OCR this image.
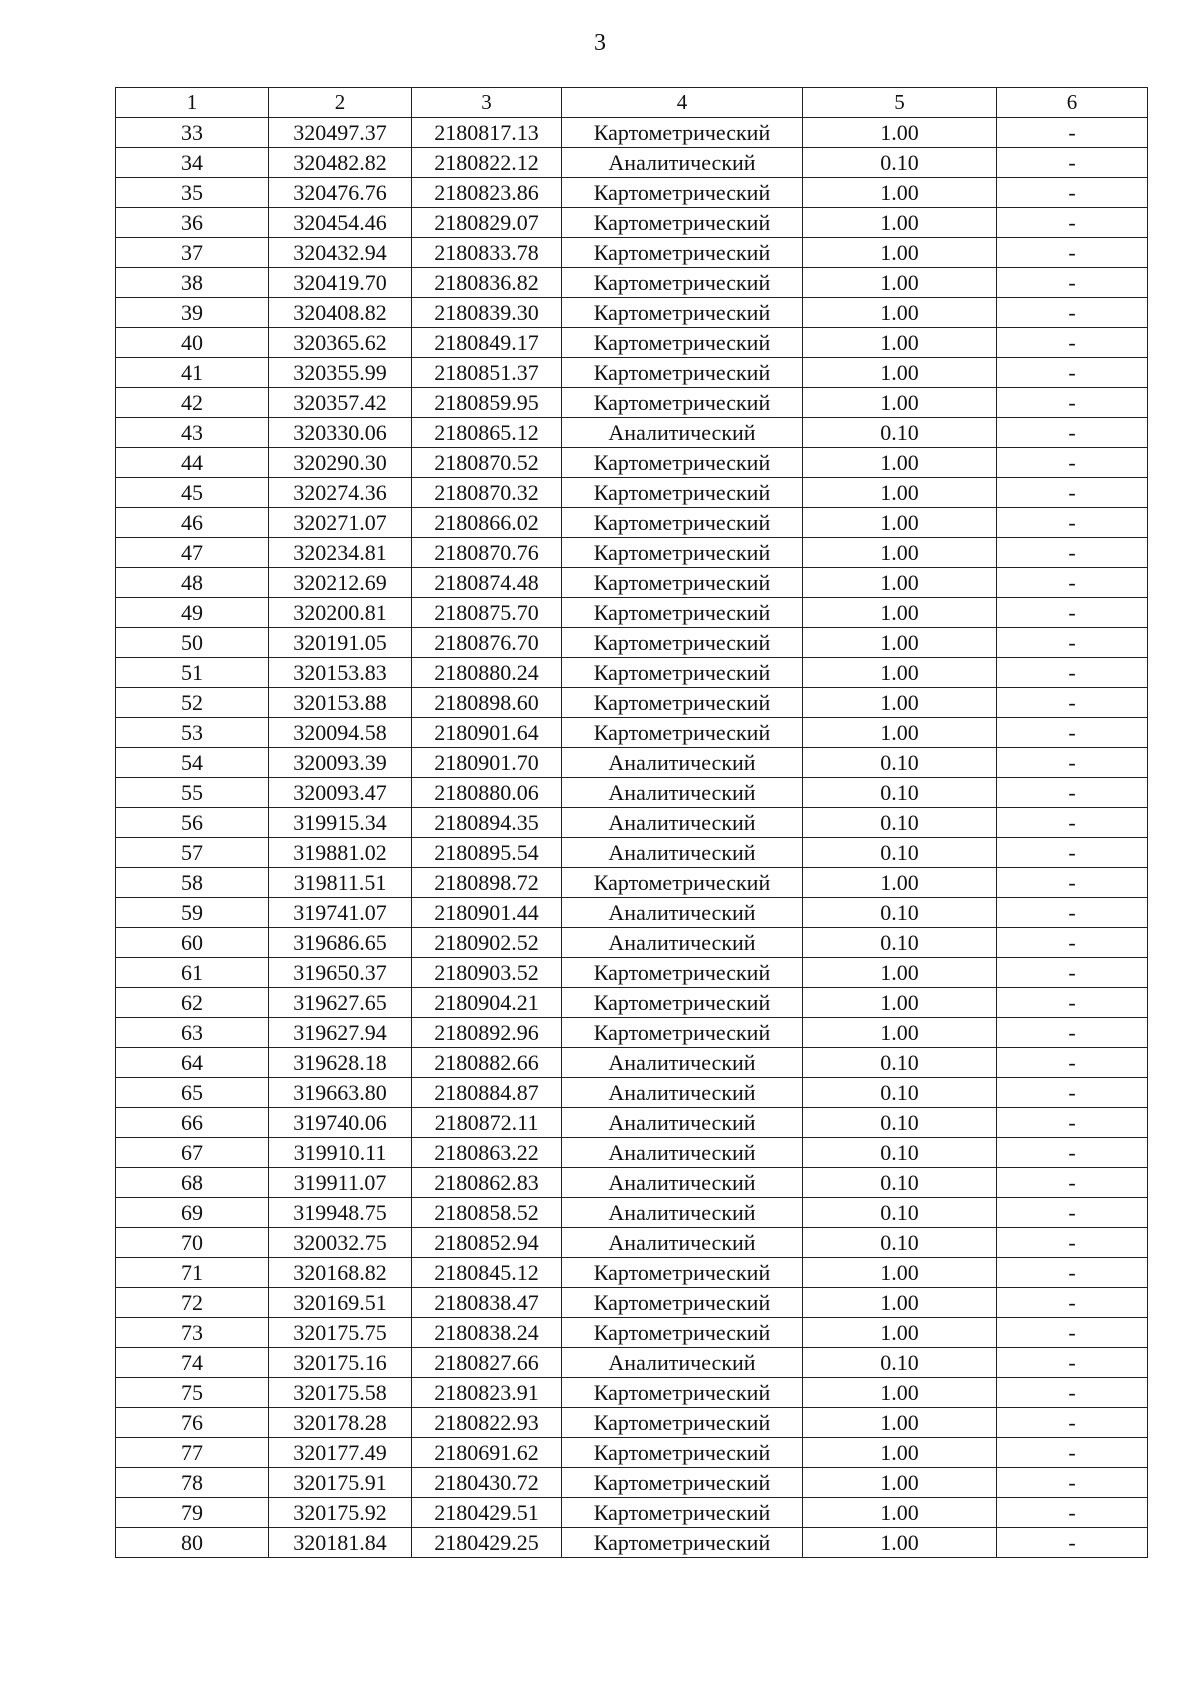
3
1	2	3	4	5	6
33	320497.37	2180817.13	Картометрический	1.00	-
34	320482.82	2180822.12	Аналитический	0.10	-
35	320476.76	2180823.86	Картометрический	1.00	-
36	320454.46	2180829.07	Картометрический	1.00	-
37	320432.94	2180833.78	Картометрический	1.00	-
38	320419.70	2180836.82	Картометрический	1.00	-
39	320408.82	2180839.30	Картометрический	1.00	-
40	320365.62	2180849.17	Картометрический	1.00	-
41	320355.99	2180851.37	Картометрический	1.00	-
42	320357.42	2180859.95	Картометрический	1.00	-
43	320330.06	2180865.12	Аналитический	0.10	-
44	320290.30	2180870.52	Картометрический	1.00	-
45	320274.36	2180870.32	Картометрический	1.00	-
46	320271.07	2180866.02	Картометрический	1.00	-
47	320234.81	2180870.76	Картометрический	1.00	-
48	320212.69	2180874.48	Картометрический	1.00	-
49	320200.81	2180875.70	Картометрический	1.00	-
50	320191.05	2180876.70	Картометрический	1.00	-
51	320153.83	2180880.24	Картометрический	1.00	-
52	320153.88	2180898.60	Картометрический	1.00	-
53	320094.58	2180901.64	Картометрический	1.00	-
54	320093.39	2180901.70	Аналитический	0.10	-
55	320093.47	2180880.06	Аналитический	0.10	-
56	319915.34	2180894.35	Аналитический	0.10	-
57	319881.02	2180895.54	Аналитический	0.10	-
58	319811.51	2180898.72	Картометрический	1.00	-
59	319741.07	2180901.44	Аналитический	0.10	-
60	319686.65	2180902.52	Аналитический	0.10	-
61	319650.37	2180903.52	Картометрический	1.00	-
62	319627.65	2180904.21	Картометрический	1.00	-
63	319627.94	2180892.96	Картометрический	1.00	-
64	319628.18	2180882.66	Аналитический	0.10	-
65	319663.80	2180884.87	Аналитический	0.10	-
66	319740.06	2180872.11	Аналитический	0.10	-
67	319910.11	2180863.22	Аналитический	0.10	-
68	319911.07	2180862.83	Аналитический	0.10	-
69	319948.75	2180858.52	Аналитический	0.10	-
70	320032.75	2180852.94	Аналитический	0.10	-
71	320168.82	2180845.12	Картометрический	1.00	-
72	320169.51	2180838.47	Картометрический	1.00	-
73	320175.75	2180838.24	Картометрический	1.00	-
74	320175.16	2180827.66	Аналитический	0.10	-
75	320175.58	2180823.91	Картометрический	1.00	-
76	320178.28	2180822.93	Картометрический	1.00	-
77	320177.49	2180691.62	Картометрический	1.00	-
78	320175.91	2180430.72	Картометрический	1.00	-
79	320175.92	2180429.51	Картометрический	1.00	-
80	320181.84	2180429.25	Картометрический	1.00	-
